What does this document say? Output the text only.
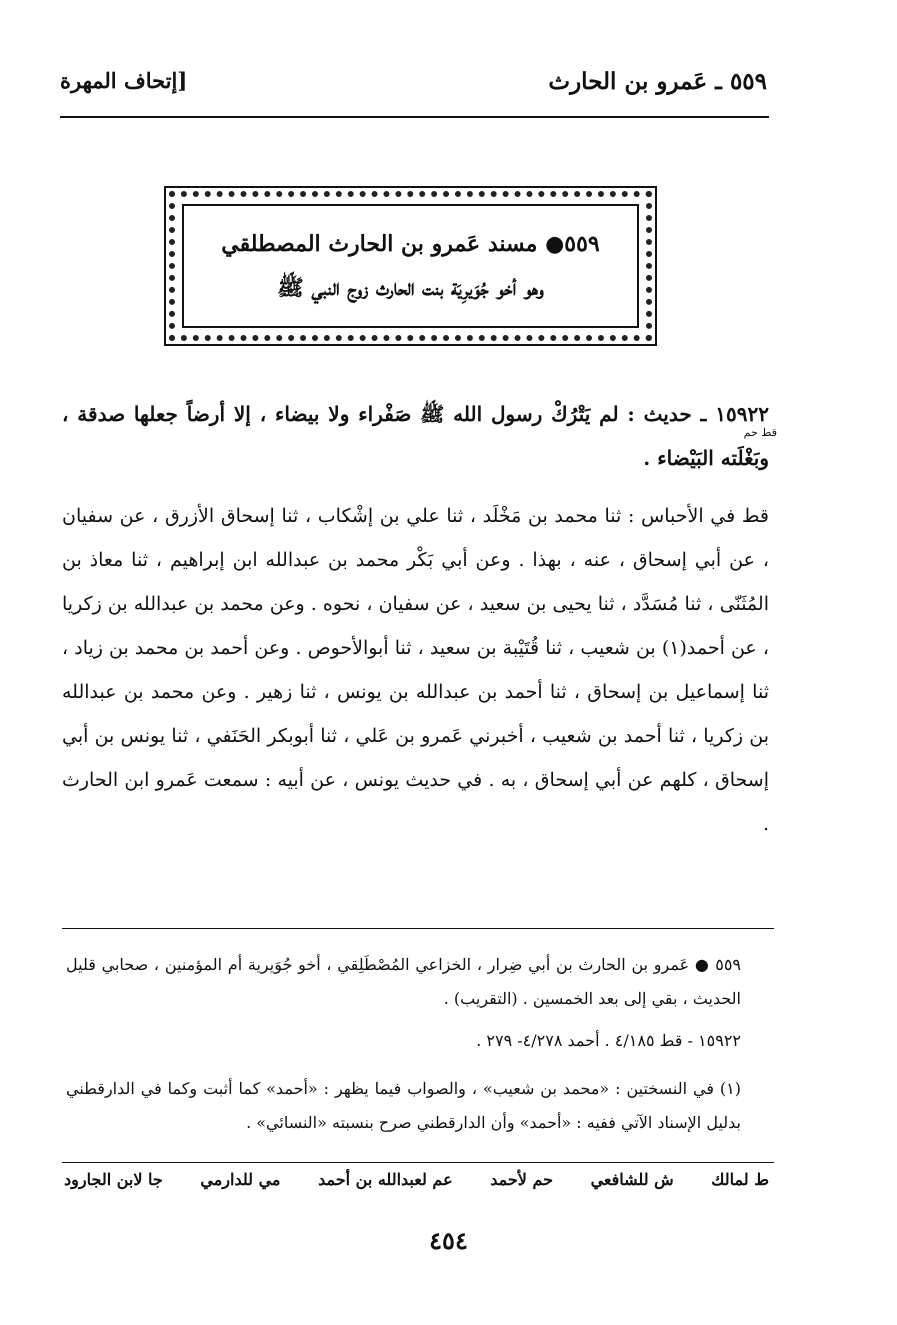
٥٥٩ ـ عَمرو بن الحارث
[إتحاف المهرة
٥٥٩● مسند عَمرو بن الحارث المصطلقي
وهو أخو جُوَيرِيَة بنت الحارث زوج النبي ﷺ
١٥٩٢٢ ـ حديث : لم يَتْرُكْ رسول الله ﷺ صَفْراء ولا بيضاء ، إلا أرضاً جعلها صدقة ، وبَغْلَته البَيْضاء .
قط حم
قط في الأحباس : ثنا محمد بن مَخْلَد ، ثنا علي بن إشْكاب ، ثنا إسحاق الأزرق ، عن سفيان ، عن أبي إسحاق ، عنه ، بهذا . وعن أبي بَكْر محمد بن عبدالله ابن إبراهيم ، ثنا معاذ بن المُثَنّى ، ثنا مُسَدَّد ، ثنا يحيى بن سعيد ، عن سفيان ، نحوه . وعن محمد بن عبدالله بن زكريا ، عن أحمد(١) بن شعيب ، ثنا قُتَيْبة بن سعيد ، ثنا أبوالأحوص . وعن أحمد بن محمد بن زياد ، ثنا إسماعيل بن إسحاق ، ثنا أحمد بن عبدالله بن يونس ، ثنا زهير . وعن محمد بن عبدالله بن زكريا ، ثنا أحمد بن شعيب ، أخبرني عَمرو بن عَلي ، ثنا أبوبكر الحَنَفي ، ثنا يونس بن أبي إسحاق ، كلهم عن أبي إسحاق ، به . في حديث يونس ، عن أبيه : سمعت عَمرو ابن الحارث .
٥٥٩ ● عَمرو بن الحارث بن أبي ضِرار ، الخزاعي المُصْطَلِقي ، أخو جُوَيرية أم المؤمنين ، صحابي قليل الحديث ، بقي إلى بعد الخمسين . (التقريب) .
١٥٩٢٢ - قط ٤/١٨٥ . أحمد ٤/٢٧٨- ٢٧٩ .
(١) في النسختين : «محمد بن شعيب» ، والصواب فيما يظهر : «أحمد» كما أثبت وكما في الدارقطني بدليل الإسناد الآتي ففيه : «أحمد» وأن الدارقطني صرح بنسبته «النسائي» .
ط لمالك
ش للشافعي
حم لأحمد
عم لعبدالله بن أحمد
مي للدارمي
جا لابن الجارود
٤٥٤
